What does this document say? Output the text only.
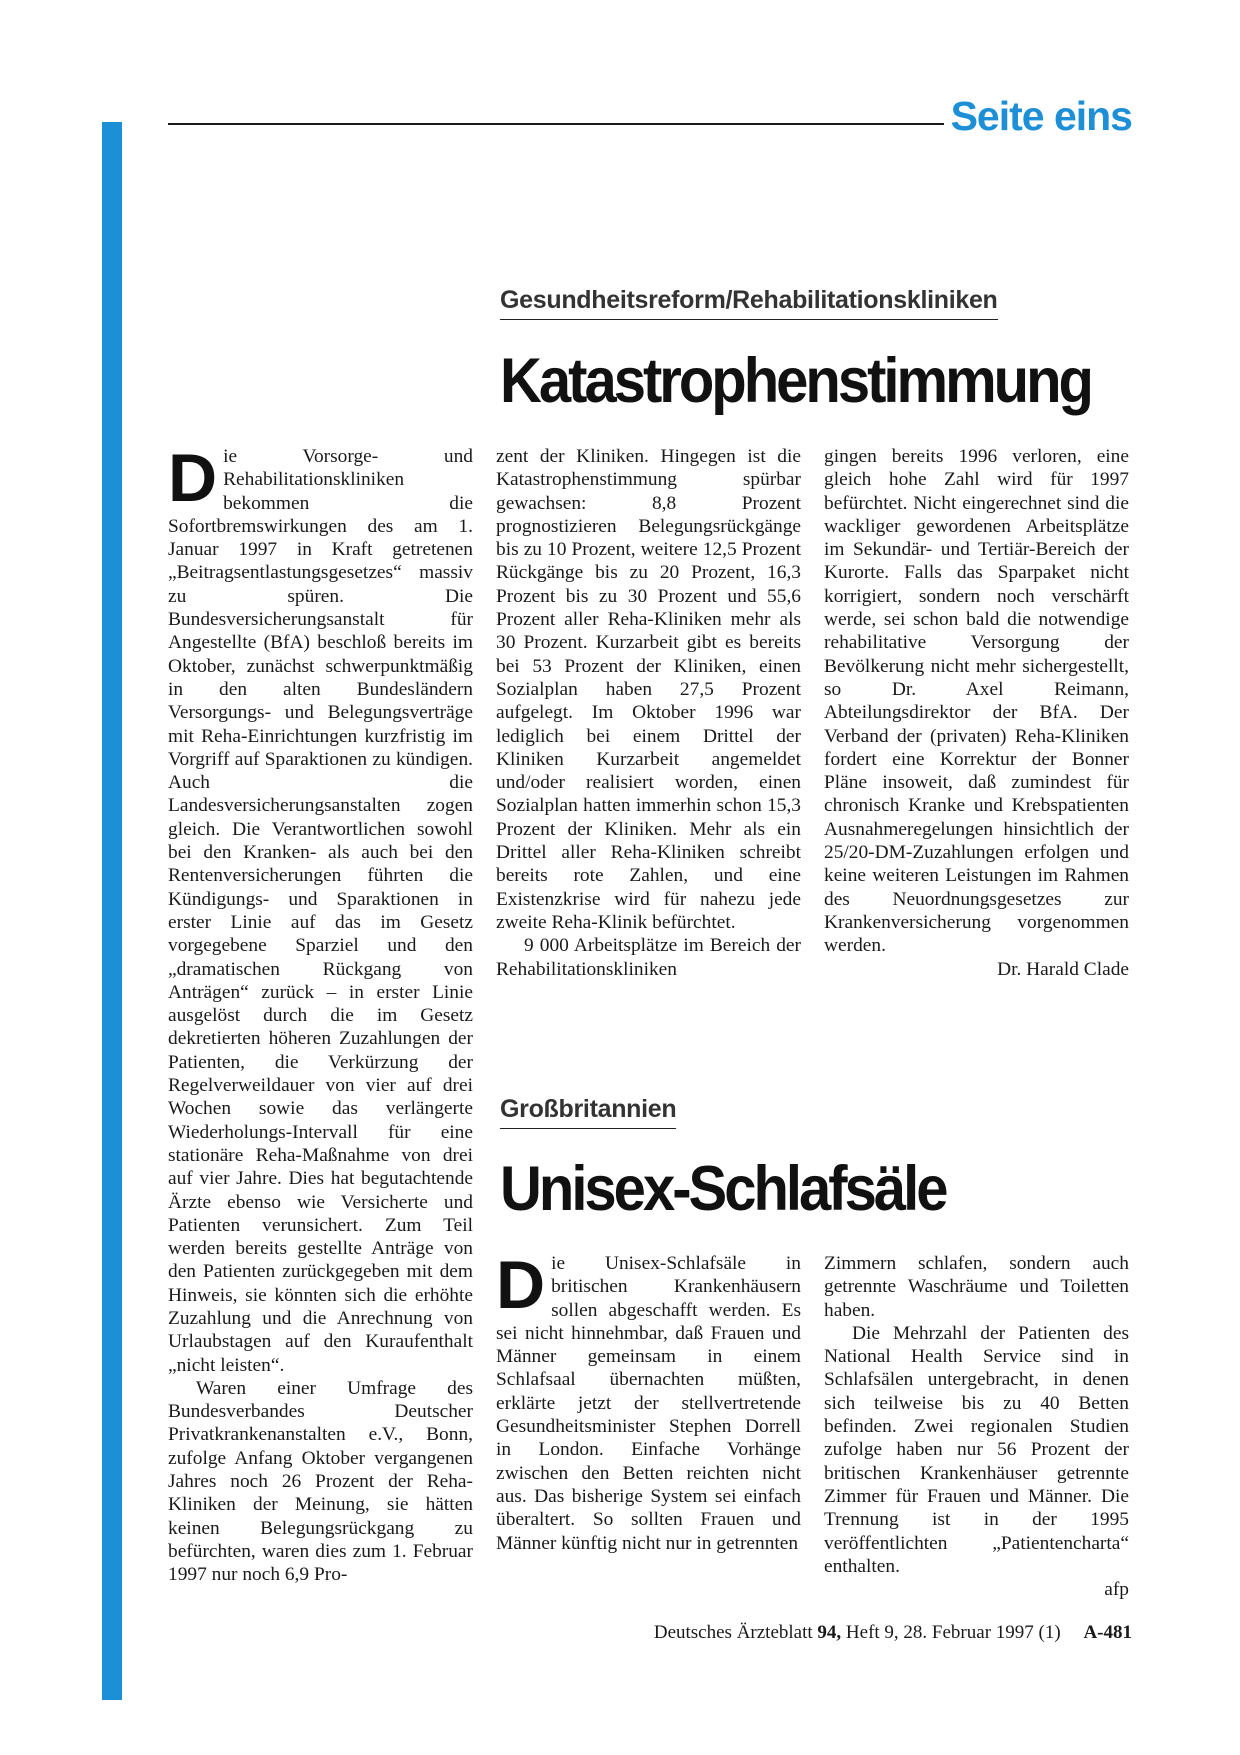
Seite eins
Gesundheitsreform/Rehabilitationskliniken
Katastrophenstimmung

Die Vorsorge- und Rehabilitationskliniken bekommen die Sofortbremswirkungen des am 1. Januar 1997 in Kraft getretenen „Beitragsentlastungsgesetzes“ massiv zu spüren. Die Bundesversicherungsanstalt für Angestellte (BfA) beschloß bereits im Oktober, zunächst schwerpunktmäßig in den alten Bundesländern Versorgungs- und Belegungsverträge mit Reha-Einrichtungen kurzfristig im Vorgriff auf Sparaktionen zu kündigen. Auch die Landesversicherungsanstalten zogen gleich. Die Verantwortlichen sowohl bei den Kranken- als auch bei den Rentenversicherungen führten die Kündigungs- und Sparaktionen in erster Linie auf das im Gesetz vorgegebene Sparziel und den „dramatischen Rückgang von Anträgen“ zurück – in erster Linie ausgelöst durch die im Gesetz dekretierten höheren Zuzahlungen der Patienten, die Verkürzung der Regelverweildauer von vier auf drei Wochen sowie das verlängerte Wiederholungs-Intervall für eine stationäre Reha-Maßnahme von drei auf vier Jahre. Dies hat begutachtende Ärzte ebenso wie Versicherte und Patienten verunsichert. Zum Teil werden bereits gestellte Anträge von den Patienten zurückgegeben mit dem Hinweis, sie könnten sich die erhöhte Zuzahlung und die Anrechnung von Urlaubstagen auf den Kuraufenthalt „nicht leisten“.

Waren einer Umfrage des Bundesverbandes Deutscher Privatkrankenanstalten e.V., Bonn, zufolge Anfang Oktober vergangenen Jahres noch 26 Prozent der Reha-Kliniken der Meinung, sie hätten keinen Belegungsrückgang zu befürchten, waren dies zum 1. Februar 1997 nur noch 6,9 Pro-

zent der Kliniken. Hingegen ist die Katastrophenstimmung spürbar gewachsen: 8,8 Prozent prognostizieren Belegungsrückgänge bis zu 10 Prozent, weitere 12,5 Prozent Rückgänge bis zu 20 Prozent, 16,3 Prozent bis zu 30 Prozent und 55,6 Prozent aller Reha-Kliniken mehr als 30 Prozent. Kurzarbeit gibt es bereits bei 53 Prozent der Kliniken, einen Sozialplan haben 27,5 Prozent aufgelegt. Im Oktober 1996 war lediglich bei einem Drittel der Kliniken Kurzarbeit angemeldet und/oder realisiert worden, einen Sozialplan hatten immerhin schon 15,3 Prozent der Kliniken. Mehr als ein Drittel aller Reha-Kliniken schreibt bereits rote Zahlen, und eine Existenzkrise wird für nahezu jede zweite Reha-Klinik befürchtet.

9 000 Arbeitsplätze im Bereich der Rehabilitationskliniken

gingen bereits 1996 verloren, eine gleich hohe Zahl wird für 1997 befürchtet. Nicht eingerechnet sind die wackliger gewordenen Arbeitsplätze im Sekundär- und Tertiär-Bereich der Kurorte. Falls das Sparpaket nicht korrigiert, sondern noch verschärft werde, sei schon bald die notwendige rehabilitative Versorgung der Bevölkerung nicht mehr sichergestellt, so Dr. Axel Reimann, Abteilungsdirektor der BfA. Der Verband der (privaten) Reha-Kliniken fordert eine Korrektur der Bonner Pläne insoweit, daß zumindest für chronisch Kranke und Krebspatienten Ausnahmeregelungen hinsichtlich der 25/20-DM-Zuzahlungen erfolgen und keine weiteren Leistungen im Rahmen des Neuordnungsgesetzes zur Krankenversicherung vorgenommen werden.

Dr. Harald Clade
Großbritannien
Unisex-Schlafsäle

Die Unisex-Schlafsäle in britischen Krankenhäusern sollen abgeschafft werden. Es sei nicht hinnehmbar, daß Frauen und Männer gemeinsam in einem Schlafsaal übernachten müßten, erklärte jetzt der stellvertretende Gesundheitsminister Stephen Dorrell in London. Einfache Vorhänge zwischen den Betten reichten nicht aus. Das bisherige System sei einfach überaltert. So sollten Frauen und Männer künftig nicht nur in getrennten

Zimmern schlafen, sondern auch getrennte Waschräume und Toiletten haben.

Die Mehrzahl der Patienten des National Health Service sind in Schlafsälen untergebracht, in denen sich teilweise bis zu 40 Betten befinden. Zwei regionalen Studien zufolge haben nur 56 Prozent der britischen Krankenhäuser getrennte Zimmer für Frauen und Männer. Die Trennung ist in der 1995 veröffentlichten „Patientencharta“ enthalten.

afp

Deutsches Ärzteblatt 94, Heft 9, 28. Februar 1997 (1) A-481
